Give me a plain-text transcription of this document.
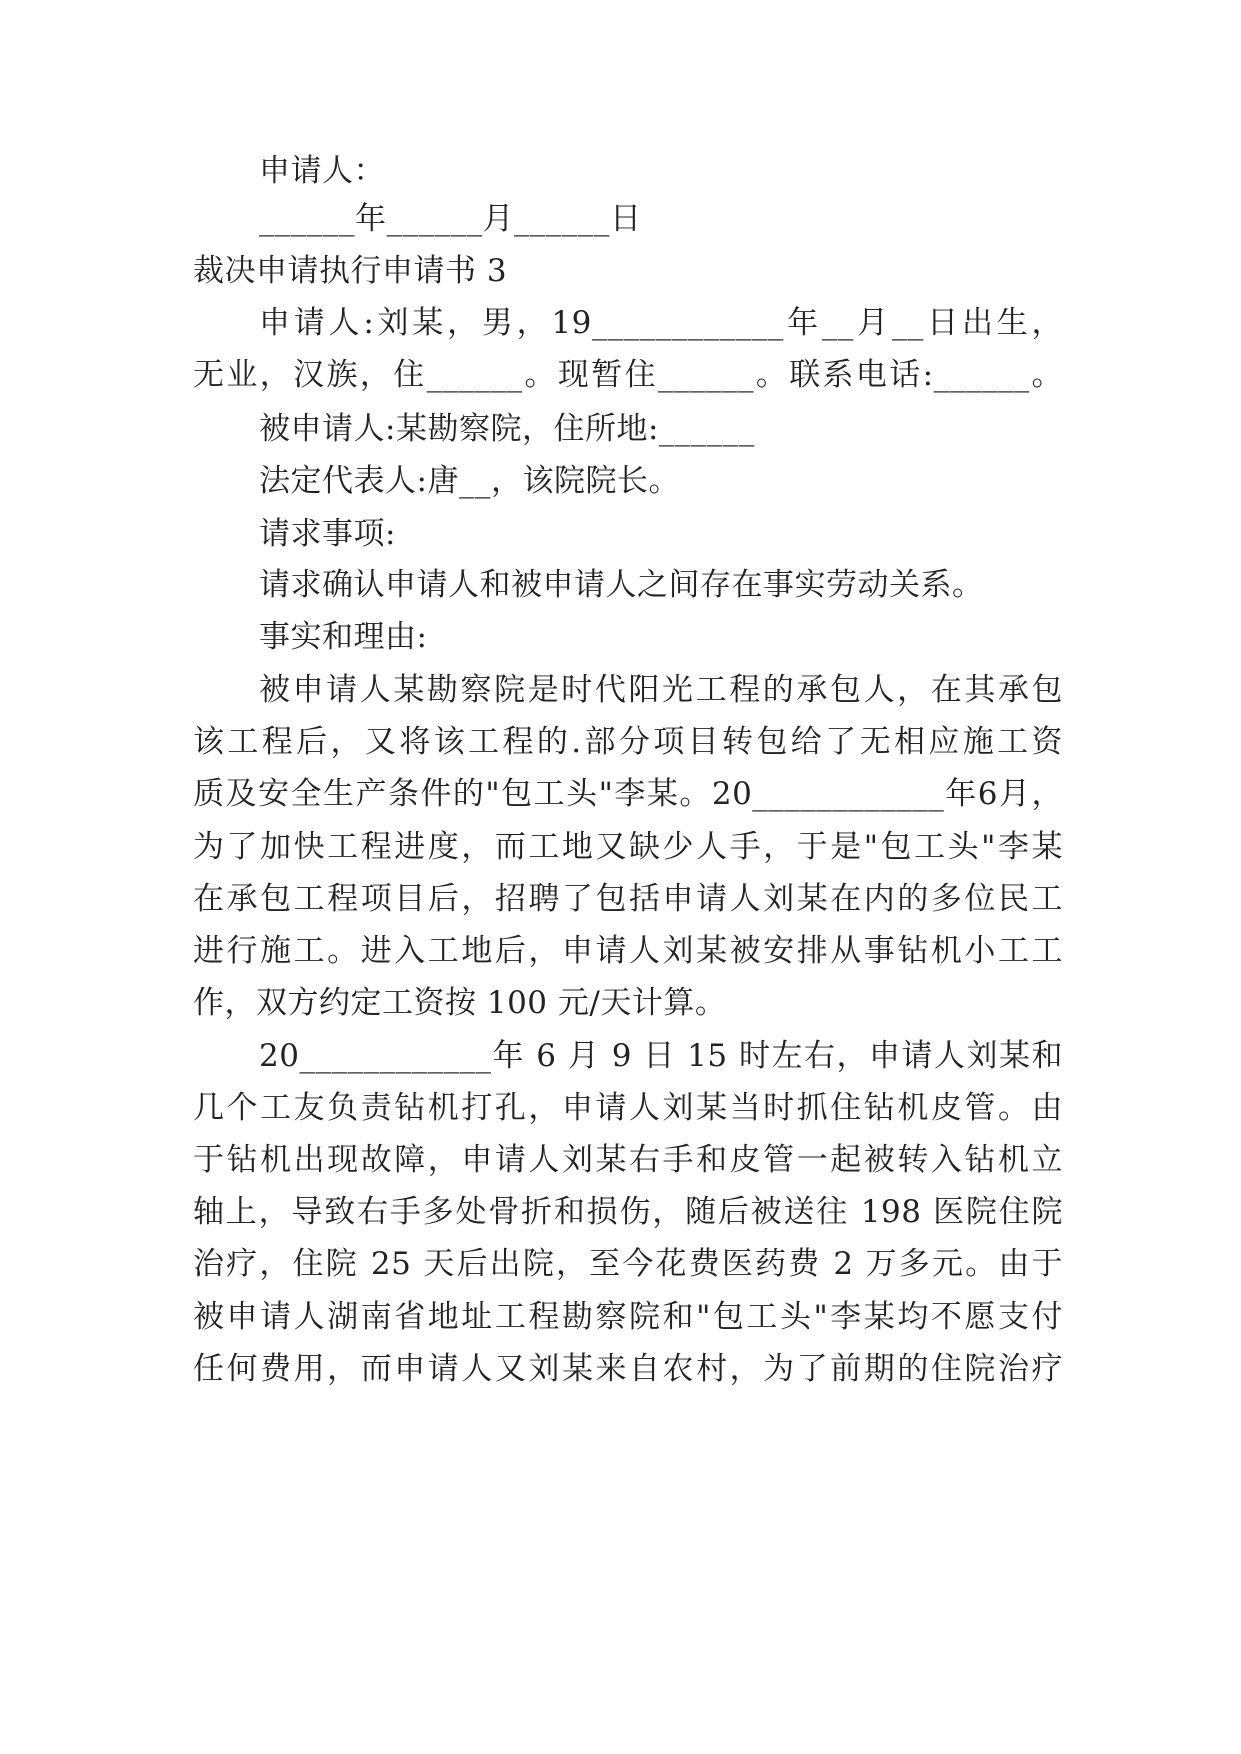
申请人：
______年______月______日
裁决申请执行申请书 3
申请人:刘某，男，19____________年__月__日出生，
无业，汉族，住______。现暂住______。联系电话:______。
被申请人:某勘察院，住所地:______
法定代表人:唐__，该院院长。
请求事项:
请求确认申请人和被申请人之间存在事实劳动关系。
事实和理由:
被申请人某勘察院是时代阳光工程的承包人，在其承包
该工程后，又将该工程的.部分项目转包给了无相应施工资
质及安全生产条件的"包工头"李某。20____________年6月，
为了加快工程进度，而工地又缺少人手，于是"包工头"李某
在承包工程项目后，招聘了包括申请人刘某在内的多位民工
进行施工。进入工地后，申请人刘某被安排从事钻机小工工
作，双方约定工资按 100 元/天计算。
20____________年 6 月 9 日 15 时左右，申请人刘某和
几个工友负责钻机打孔，申请人刘某当时抓住钻机皮管。由
于钻机出现故障，申请人刘某右手和皮管一起被转入钻机立
轴上，导致右手多处骨折和损伤，随后被送往 198 医院住院
治疗，住院 25 天后出院，至今花费医药费 2 万多元。由于
被申请人湖南省地址工程勘察院和"包工头"李某均不愿支付
任何费用，而申请人又刘某来自农村，为了前期的住院治疗
